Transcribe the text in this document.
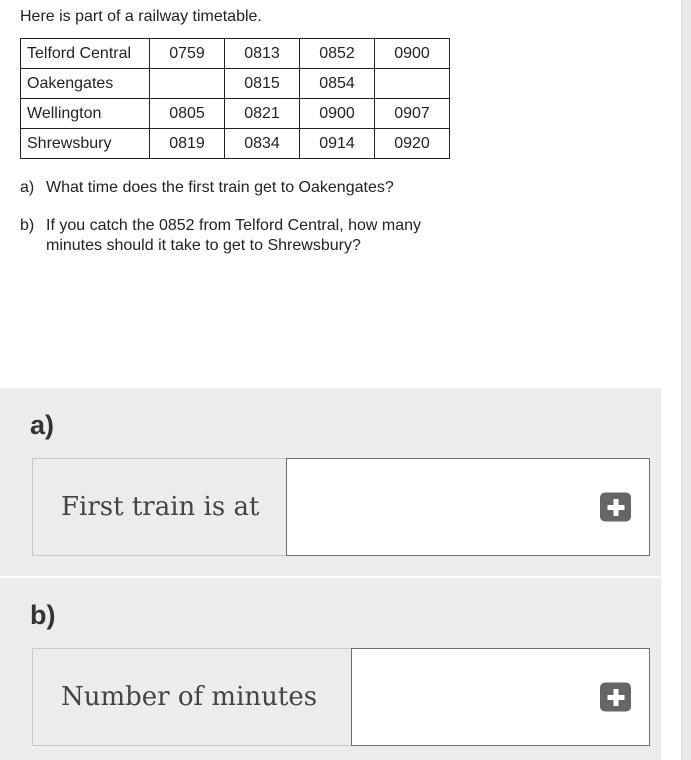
Here is part of a railway timetable.
Telford Central	0759	0813	0852	0900
Oakengates		0815	0854	
Wellington	0805	0821	0900	0907
Shrewsbury	0819	0834	0914	0920
a) What time does the first train get to Oakengates?
b) If you catch the 0852 from Telford Central, how many
minutes should it take to get to Shrewsbury?
a)
First train is at
b)
Number of minutes
